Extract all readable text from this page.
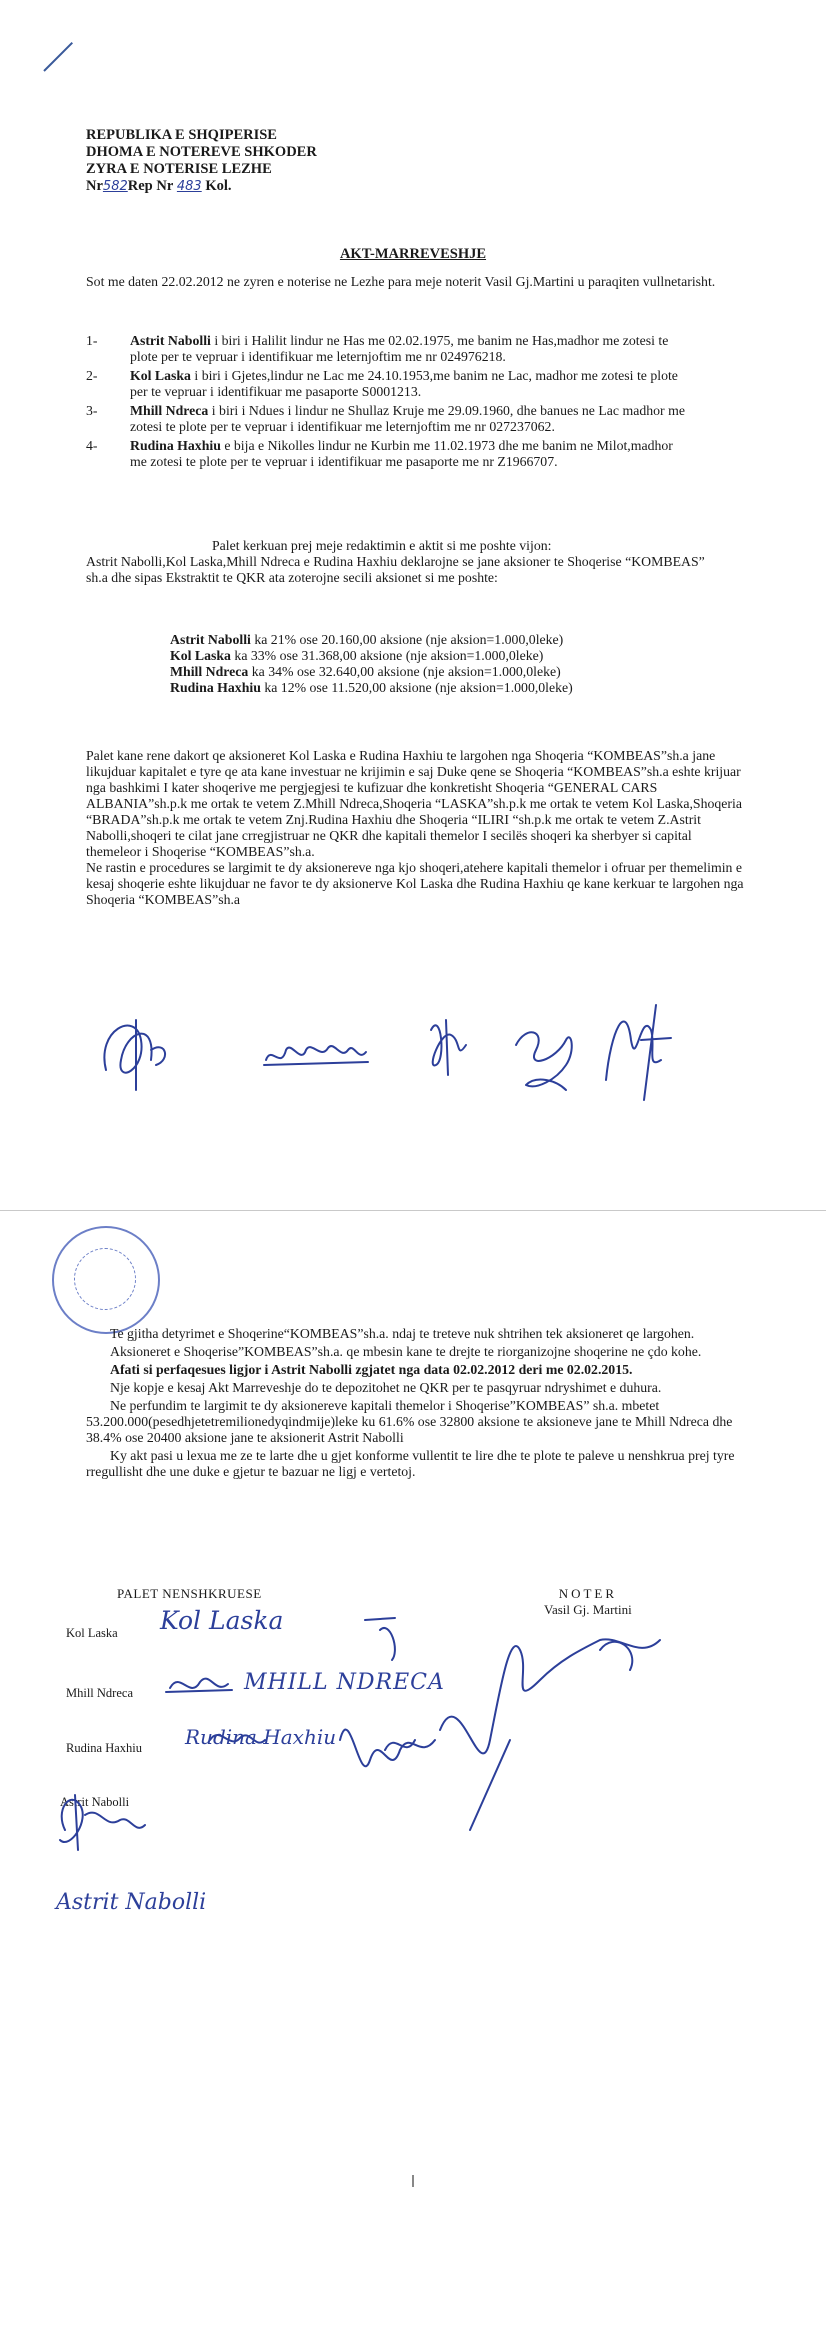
REPUBLIKA E SHQIPERISE
DHOMA E NOTEREVE SHKODER
ZYRA E NOTERISE LEZHE
Nr582Rep Nr 483 Kol.
AKT-MARREVESHJE
Sot me daten 22.02.2012 ne zyren e noterise ne Lezhe para meje noterit Vasil Gj.Martini u paraqiten vullnetarisht.
1-	Astrit Nabolli i biri i Halilit lindur ne Has me 02.02.1975, me banim ne Has,madhor me zotesi te plote per te vepruar i identifikuar me leternjoftim me nr 024976218.
2-	Kol Laska i biri i Gjetes,lindur ne Lac me 24.10.1953,me banim ne Lac, madhor me zotesi te plote per te vepruar i identifikuar me pasaporte S0001213.
3-	Mhill Ndreca i biri i Ndues i lindur ne Shullaz Kruje me 29.09.1960, dhe banues ne Lac madhor me zotesi te plote per te vepruar i identifikuar me leternjoftim me nr 027237062.
4-	Rudina Haxhiu e bija e Nikolles lindur ne Kurbin me 11.02.1973 dhe me banim ne Milot,madhor me zotesi te plote per te vepruar i identifikuar me pasaporte me nr Z1966707.
Palet kerkuan prej meje redaktimin e aktit si me poshte vijon:
Astrit Nabolli,Kol Laska,Mhill Ndreca e Rudina Haxhiu deklarojne se jane aksioner te Shoqerise “KOMBEAS” sh.a dhe sipas Ekstraktit te QKR ata zoterojne secili aksionet si me poshte:
Astrit Nabolli ka 21% ose 20.160,00 aksione (nje aksion=1.000,0leke)
Kol Laska ka 33% ose 31.368,00 aksione (nje aksion=1.000,0leke)
Mhill Ndreca ka 34% ose 32.640,00 aksione (nje aksion=1.000,0leke)
Rudina Haxhiu ka 12% ose 11.520,00 aksione (nje aksion=1.000,0leke)
Palet kane rene dakort qe aksioneret Kol Laska e Rudina Haxhiu te largohen nga Shoqeria “KOMBEAS”sh.a jane likujduar kapitalet e tyre qe ata kane investuar ne krijimin e saj Duke qene se Shoqeria “KOMBEAS”sh.a eshte krijuar nga bashkimi I kater shoqerive me pergjegjesi te kufizuar dhe konkretisht Shoqeria “GENERAL CARS ALBANIA”sh.p.k me ortak te vetem Z.Mhill Ndreca,Shoqeria “LASKA”sh.p.k me ortak te vetem Kol Laska,Shoqeria “BRADA”sh.p.k me ortak te vetem Znj.Rudina Haxhiu dhe Shoqeria “ILIRI “sh.p.k me ortak te vetem Z.Astrit Nabolli,shoqeri te cilat jane crregjistruar ne QKR dhe kapitali themelor I secilës shoqeri ka sherbyer si capital themeleor i Shoqerise “KOMBEAS”sh.a.
Ne rastin e procedures se largimit te dy aksionereve nga kjo shoqeri,atehere kapitali themelor i ofruar per themelimin e kesaj shoqerie eshte likujduar ne favor te dy aksionerve Kol Laska dhe Rudina Haxhiu qe kane kerkuar te largohen nga Shoqeria “KOMBEAS”sh.a

Te gjitha detyrimet e Shoqerine“KOMBEAS”sh.a. ndaj te treteve nuk shtrihen tek aksioneret qe largohen.

Aksioneret e Shoqerise”KOMBEAS”sh.a. qe mbesin kane te drejte te riorganizojne shoqerine ne çdo kohe.

Afati si perfaqesues ligjor i Astrit Nabolli zgjatet nga data 02.02.2012 deri me 02.02.2015.

Nje kopje e kesaj Akt Marreveshje do te depozitohet ne QKR per te pasqyruar ndryshimet e duhura.

Ne perfundim te largimit te dy aksionereve kapitali themelor i Shoqerise”KOMBEAS” sh.a. mbetet 53.200.000(pesedhjetetremilionedyqindmije)leke ku 61.6% ose 32800 aksione te aksioneve jane te Mhill Ndreca dhe 38.4% ose 20400 aksione jane te aksionerit Astrit Nabolli

Ky akt pasi u lexua me ze te larte dhe u gjet konforme vullentit te lire dhe te plote te paleve u nenshkrua prej tyre rregullisht dhe une duke e gjetur te bazuar ne ligj e vertetoj.

PALET NENSHKRUESE	NOTER
Vasil Gj. Martini
Kol Laska Kol Laska
Mhill Ndreca	MHILL NDRECA
Rudina Haxhiu Rudina Haxhiu
Astrit Nabolli
Astrit Nabolli
